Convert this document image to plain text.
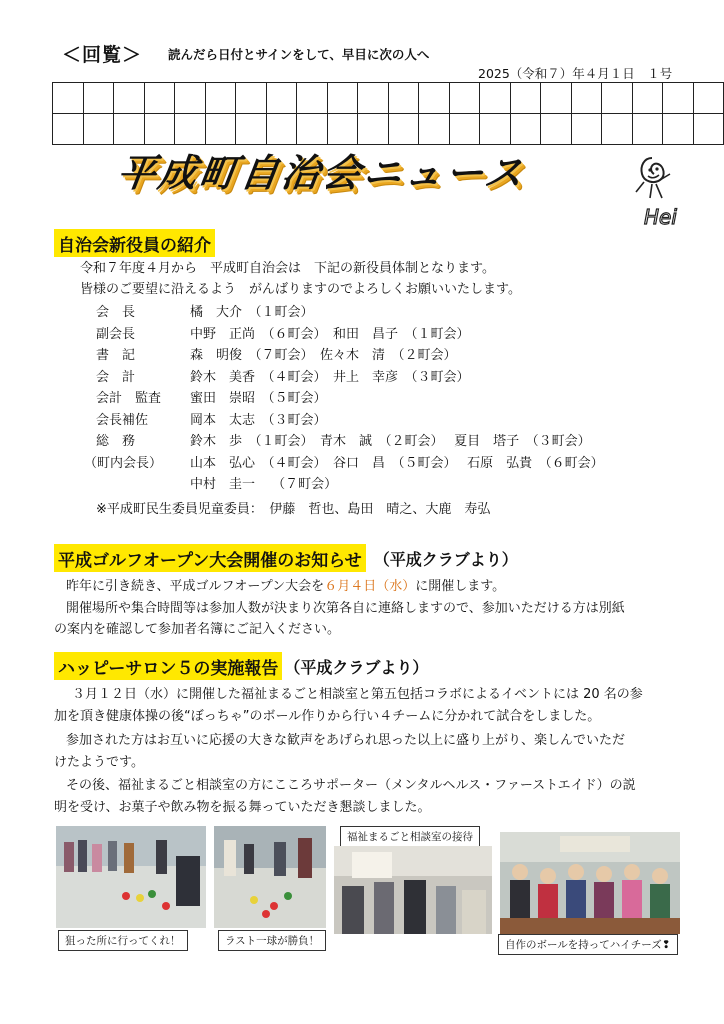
＜回覧＞ 読んだら日付とサインをして、早目に次の人へ
2025（令和７）年４月１日　１号

平成町自治会ニュース
Hei
自治会新役員の紹介
令和７年度４月から　平成町自治会は　下記の新役員体制となります。
皆様のご要望に沿えるよう　がんばりますのでよろしくお願いいたします。
会　長	橘　大介　（１町会）
副会長	中野　正尚　（６町会）　和田　昌子　（１町会）
書　記	森　明俊　（７町会）　佐々木　清　（２町会）
会　計	鈴木　美香　（４町会）　井上　幸彦　（３町会）
会計　監査	蜜田　崇昭　（５町会）
会長補佐	岡本　太志　（３町会）
総　務	鈴木　歩　（１町会）　青木　誠　（２町会）　 夏目　塔子　（３町会）
（町内会長）	山本　弘心　（４町会）　谷口　昌　（５町会）　 石原　弘貴　（６町会）
	中村　圭一　 （７町会）
※平成町民生委員児童委員：　伊藤　哲也、島田　晴之、大鹿　寿弘
平成ゴルフオープン大会開催のお知らせ （平成クラブより）
昨年に引き続き、平成ゴルフオープン大会を６月４日（水）に開催します。
開催場所や集合時間等は参加人数が決まり次第各自に連絡しますので、参加いただける方は別紙
の案内を確認して参加者名簿にご記入ください。
ハッピーサロン５の実施報告 （平成クラブより）
３月１２日（水）に開催した福祉まるごと相談室と第五包括コラボによるイベントには 20 名の参
加を頂き健康体操の後“ぼっちゃ”のボール作りから行い４チームに分かれて試合をしました。
参加された方はお互いに応援の大きな歓声をあげられ思った以上に盛り上がり、楽しんでいただ
けたようです。
その後、福祉まるごと相談室の方にこころサポーター（メンタルヘルス・ファーストエイド）の説
明を受け、お菓子や飲み物を振る舞っていただき懇談しました。
狙った所に行ってくれ！	ラスト一球が勝負！
福祉まるごと相談室の接待
自作のボールを持ってハイチーズ❢
